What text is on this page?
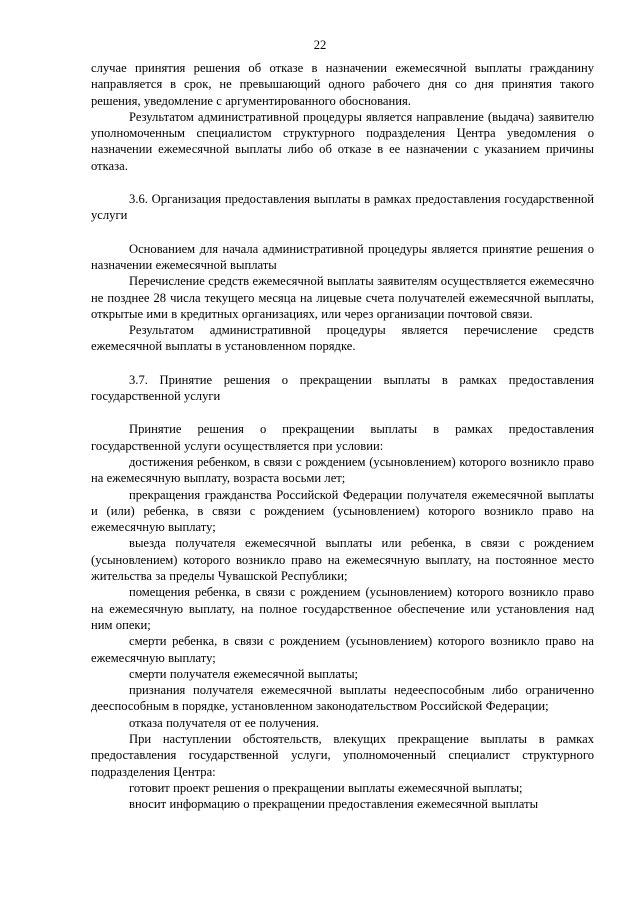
22

случае принятия решения об отказе в назначении ежемесячной выплаты гражданину направляется в срок, не превышающий одного рабочего дня со дня принятия такого решения, уведомление с аргументированного обоснования.

Результатом административной процедуры является направление (выдача) заявителю уполномоченным специалистом структурного подразделения Центра уведомления о назначении ежемесячной выплаты либо об отказе в ее назначении с указанием причины отказа.

3.6. Организация предоставления выплаты в рамках предоставления государственной услуги

Основанием для начала административной процедуры является принятие решения о назначении ежемесячной выплаты

Перечисление средств ежемесячной выплаты заявителям осуществляется ежемесячно не позднее 28 числа текущего месяца на лицевые счета получателей ежемесячной выплаты, открытые ими в кредитных организациях, или через организации почтовой связи.

Результатом административной процедуры является перечисление средств ежемесячной выплаты в установленном порядке.

3.7. Принятие решения о прекращении выплаты в рамках предоставления государственной услуги

Принятие решения о прекращении выплаты в рамках предоставления государственной услуги осуществляется при условии:

достижения ребенком, в связи с рождением (усыновлением) которого возникло право на ежемесячную выплату, возраста восьми лет;

прекращения гражданства Российской Федерации получателя ежемесячной выплаты и (или) ребенка, в связи с рождением (усыновлением) которого возникло право на ежемесячную выплату;

выезда получателя ежемесячной выплаты или ребенка, в связи с рождением (усыновлением) которого возникло право на ежемесячную выплату, на постоянное место жительства за пределы Чувашской Республики;

помещения ребенка, в связи с рождением (усыновлением) которого возникло право на ежемесячную выплату, на полное государственное обеспечение или установления над ним опеки;

смерти ребенка, в связи с рождением (усыновлением) которого возникло право на ежемесячную выплату;

смерти получателя ежемесячной выплаты;

признания получателя ежемесячной выплаты недееспособным либо ограниченно дееспособным в порядке, установленном законодательством Российской Федерации;

отказа получателя от ее получения.

При наступлении обстоятельств, влекущих прекращение выплаты в рамках предоставления государственной услуги, уполномоченный специалист структурного подразделения Центра:

готовит проект решения о прекращении выплаты ежемесячной выплаты;

вносит информацию о прекращении предоставления ежемесячной выплаты
